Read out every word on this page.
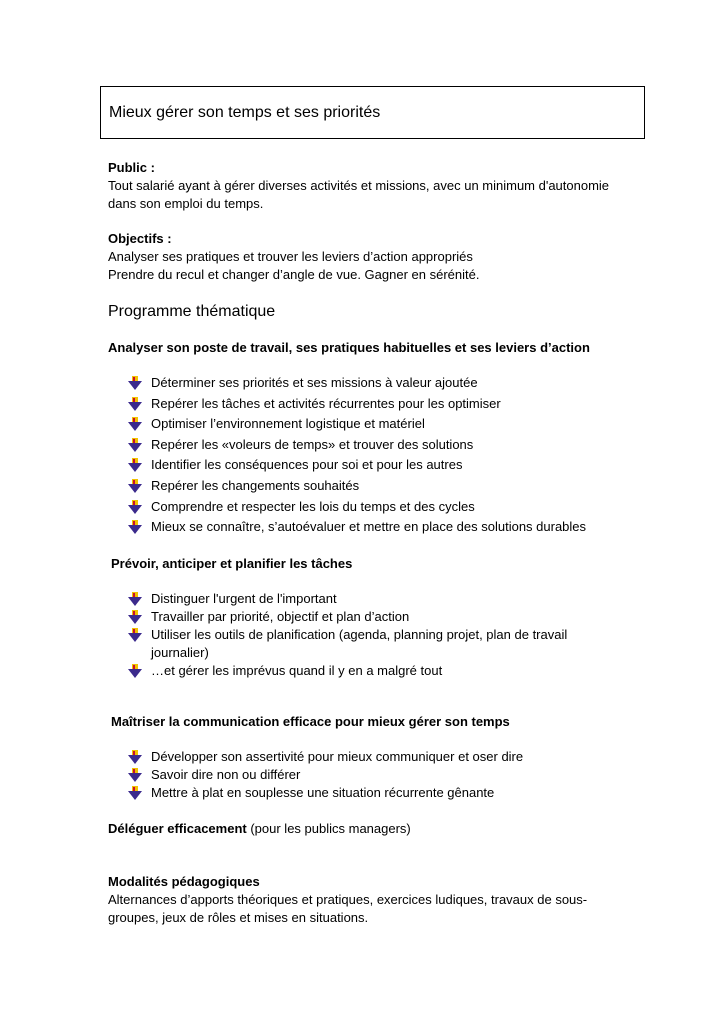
Mieux gérer son temps et ses priorités
Public :
Tout salarié ayant à gérer diverses activités et missions, avec un minimum d'autonomie
dans son emploi du temps.
Objectifs :
Analyser ses pratiques et trouver les leviers d’action appropriés
Prendre du recul et changer d’angle de vue. Gagner en sérénité.
Programme thématique
Analyser son poste de travail, ses pratiques habituelles et ses leviers d’action
Déterminer ses priorités et ses missions à valeur ajoutée
Repérer les tâches et activités récurrentes pour les optimiser
Optimiser l’environnement logistique et matériel
Repérer les «voleurs de temps» et trouver des solutions
Identifier les conséquences pour soi et pour les autres
Repérer les changements souhaités
Comprendre et respecter les lois du temps et des cycles
Mieux se connaître, s’autoévaluer et mettre en place des solutions durables
Prévoir, anticiper et planifier les tâches
Distinguer l'urgent de l'important
Travailler par priorité, objectif et plan d’action
Utiliser les outils de planification (agenda, planning projet, plan de travail journalier)
…et gérer les imprévus quand il y en a malgré tout
Maîtriser la communication efficace pour mieux gérer son temps
Développer son assertivité pour mieux communiquer et oser dire
Savoir dire non ou différer
Mettre à plat en souplesse une situation récurrente gênante
Déléguer efficacement (pour les publics managers)
Modalités pédagogiques
Alternances d’apports théoriques et pratiques, exercices ludiques, travaux de sous-
groupes, jeux de rôles et mises en situations.
